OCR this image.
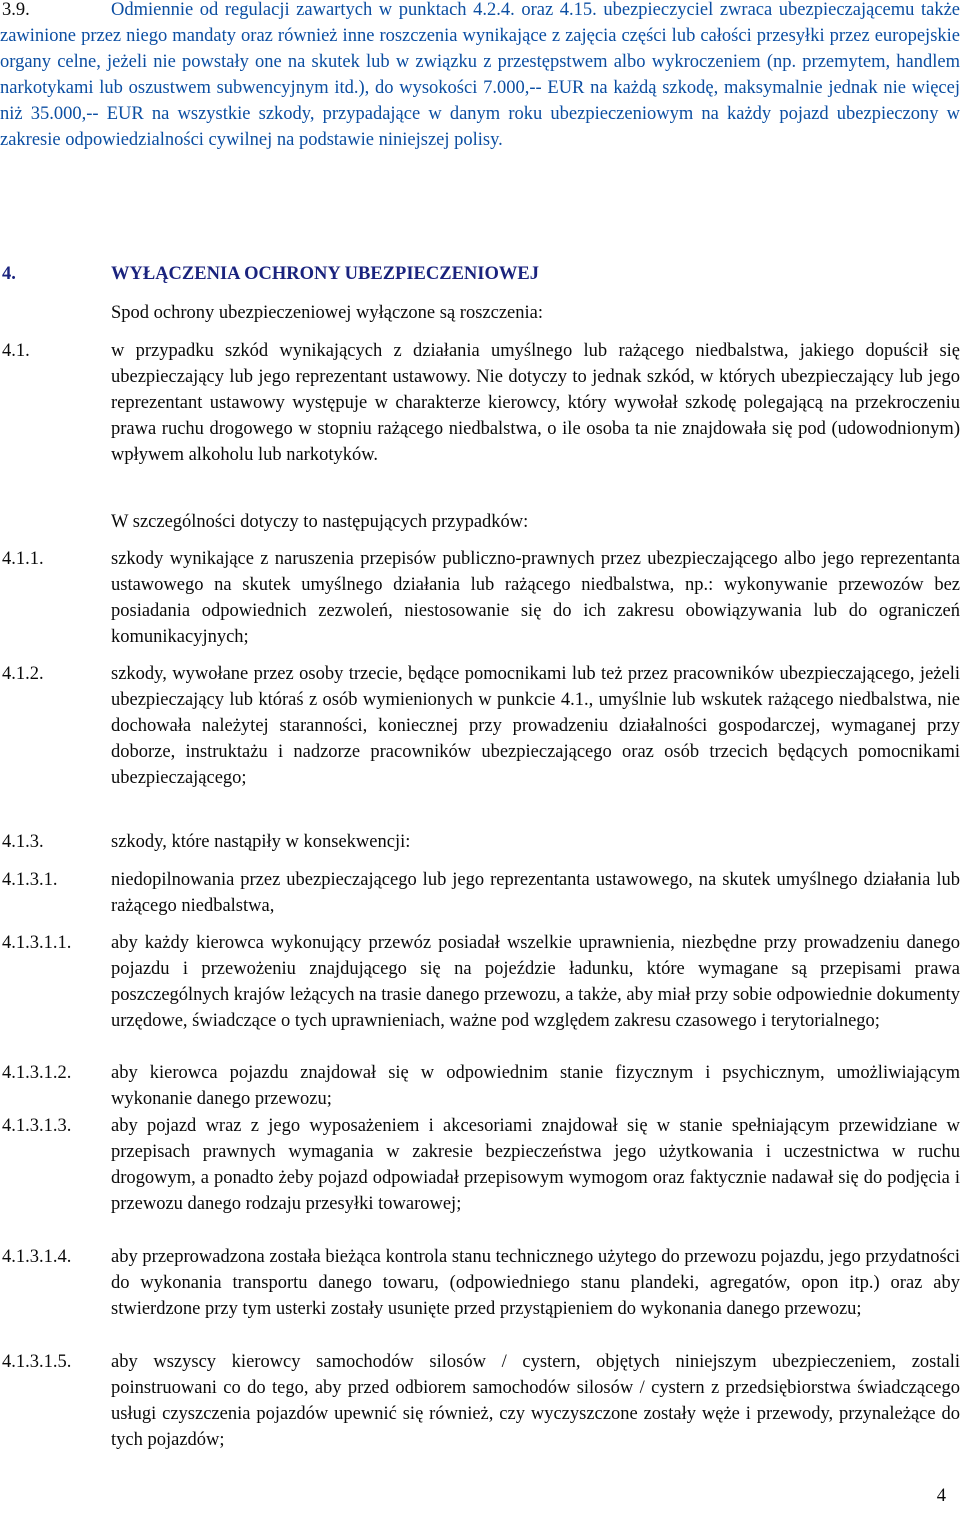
3.9.	Odmiennie od regulacji zawartych w punktach 4.2.4. oraz 4.15. ubezpieczyciel zwraca ubezpieczającemu także zawinione przez niego mandaty oraz również inne roszczenia wynikające z zajęcia części lub całości przesyłki przez europejskie organy celne, jeżeli nie powstały one na skutek lub w związku z przestępstwem albo wykroczeniem (np. przemytem, handlem narkotykami lub oszustwem subwencyjnym itd.), do wysokości 7.000,-- EUR na każdą szkodę, maksymalnie jednak nie więcej niż 35.000,-- EUR na wszystkie szkody, przypadające w danym roku ubezpieczeniowym na każdy pojazd ubezpieczony w zakresie odpowiedzialności cywilnej na podstawie niniejszej polisy.
4.	WYŁĄCZENIA OCHRONY UBEZPIECZENIOWEJ
Spod ochrony ubezpieczeniowej wyłączone są roszczenia:
4.1.	w przypadku szkód wynikających z działania umyślnego lub rażącego niedbalstwa, jakiego dopuścił się ubezpieczający lub jego reprezentant ustawowy. Nie dotyczy to jednak szkód, w których ubezpieczający lub jego reprezentant ustawowy występuje w charakterze kierowcy, który wywołał szkodę polegającą na przekroczeniu prawa ruchu drogowego w stopniu rażącego niedbalstwa, o ile osoba ta nie znajdowała się pod (udowodnionym) wpływem alkoholu lub narkotyków.
W szczególności dotyczy to następujących przypadków:
4.1.1.	szkody wynikające z naruszenia przepisów publiczno-prawnych przez ubezpieczającego albo jego reprezentanta ustawowego na skutek umyślnego działania lub rażącego niedbalstwa, np.: wykonywanie przewozów bez posiadania odpowiednich zezwoleń, niestosowanie się do ich zakresu obowiązywania lub do ograniczeń komunikacyjnych;
4.1.2.	szkody, wywołane przez osoby trzecie, będące pomocnikami lub też przez pracowników ubezpieczającego, jeżeli ubezpieczający lub któraś z osób wymienionych w punkcie 4.1., umyślnie lub wskutek rażącego niedbalstwa, nie dochowała należytej staranności, koniecznej przy prowadzeniu działalności gospodarczej, wymaganej przy doborze, instruktażu i nadzorze pracowników ubezpieczającego oraz osób trzecich będących pomocnikami ubezpieczającego;
4.1.3.	szkody, które nastąpiły w konsekwencji:
4.1.3.1.	niedopilnowania przez ubezpieczającego lub jego reprezentanta ustawowego, na skutek umyślnego działania lub rażącego niedbalstwa,
4.1.3.1.1. aby każdy kierowca wykonujący przewóz posiadał wszelkie uprawnienia, niezbędne przy prowadzeniu danego pojazdu i przewożeniu znajdującego się na pojeździe ładunku, które wymagane są przepisami prawa poszczególnych krajów leżących na trasie danego przewozu, a także, aby miał przy sobie odpowiednie dokumenty urzędowe, świadczące o tych uprawnieniach, ważne pod względem zakresu czasowego i terytorialnego;
4.1.3.1.2. aby kierowca pojazdu znajdował się w odpowiednim stanie fizycznym i psychicznym, umożliwiającym wykonanie danego przewozu;
4.1.3.1.3. aby pojazd wraz z jego wyposażeniem i akcesoriami znajdował się w stanie spełniającym przewidziane w przepisach prawnych wymagania w zakresie bezpieczeństwa jego użytkowania i uczestnictwa w ruchu drogowym, a ponadto żeby pojazd odpowiadał przepisowym wymogom oraz faktycznie nadawał się do podjęcia i przewozu danego rodzaju przesyłki towarowej;
4.1.3.1.4. aby przeprowadzona została bieżąca kontrola stanu technicznego użytego do przewozu pojazdu, jego przydatności do wykonania transportu danego towaru, (odpowiedniego stanu plandeki, agregatów, opon itp.) oraz aby stwierdzone przy tym usterki zostały usunięte przed przystąpieniem do wykonania danego przewozu;
4.1.3.1.5. aby wszyscy kierowcy samochodów silosów / cystern, objętych niniejszym ubezpieczeniem, zostali poinstruowani co do tego, aby przed odbiorem samochodów silosów / cystern z przedsiębiorstwa świadczącego usługi czyszczenia pojazdów upewnić się również, czy wyczyszczone zostały węże i przewody, przynależące do tych pojazdów;
4
